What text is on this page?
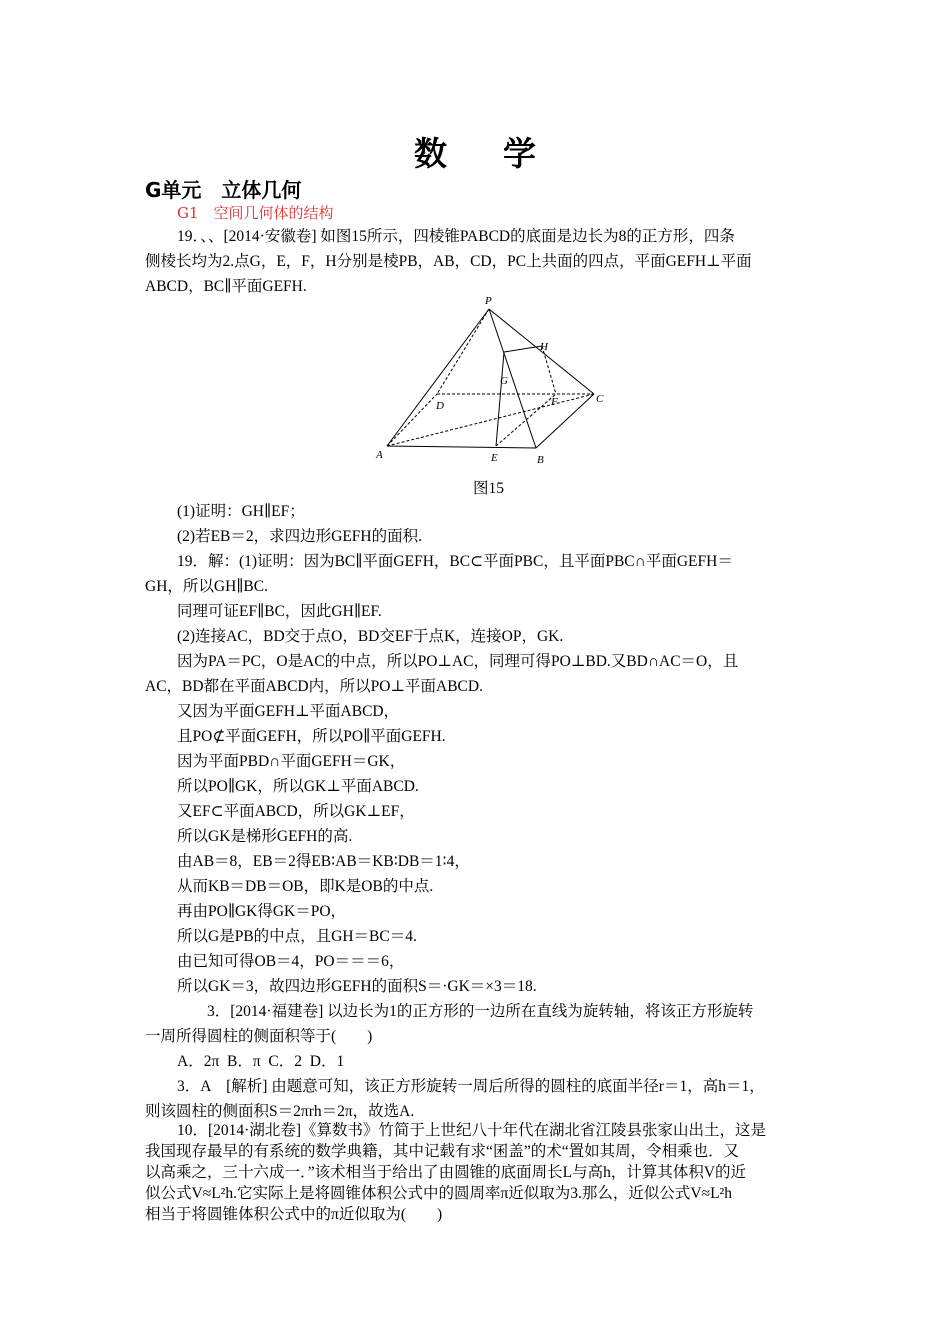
数 学
G单元　立体几何
G1　空间几何体的结构
19．、、[2014·安徽卷] 如图15所示，四棱锥PABCD的底面是边长为8的正方形，四条
侧棱长均为2.点G，E，F，H分别是棱PB，AB，CD，PC上共面的四点，平面GEFH⊥平面
ABCD，BC∥平面GEFH.
P
H
G
D	F	C
A	E	B
图15
(1)证明：GH∥EF；
(2)若EB＝2，求四边形GEFH的面积.
19．解：(1)证明：因为BC∥平面GEFH，BC⊂平面PBC，且平面PBC∩平面GEFH＝
GH，所以GH∥BC.
同理可证EF∥BC，因此GH∥EF.
(2)连接AC，BD交于点O，BD交EF于点K，连接OP，GK.
因为PA＝PC，O是AC的中点，所以PO⊥AC，同理可得PO⊥BD.又BD∩AC＝O，且
AC，BD都在平面ABCD内，所以PO⊥平面ABCD.
又因为平面GEFH⊥平面ABCD，
且PO⊄平面GEFH，所以PO∥平面GEFH.
因为平面PBD∩平面GEFH＝GK，
所以PO∥GK，所以GK⊥平面ABCD.
又EF⊂平面ABCD，所以GK⊥EF，
所以GK是梯形GEFH的高.
由AB＝8，EB＝2得EB∶AB＝KB∶DB＝1∶4，
从而KB＝DB＝OB，即K是OB的中点.
再由PO∥GK得GK＝PO，
所以G是PB的中点，且GH＝BC＝4.
由已知可得OB＝4，PO＝＝＝6，
所以GK＝3，故四边形GEFH的面积S＝·GK＝×3＝18.
3．[2014·福建卷] 以边长为1的正方形的一边所在直线为旋转轴，将该正方形旋转
一周所得圆柱的侧面积等于(　　)
A．2π  B．π  C．2  D．1
3．A　[解析] 由题意可知，该正方形旋转一周后所得的圆柱的底面半径r＝1，高h＝1，
则该圆柱的侧面积S＝2πrh＝2π，故选A.
10．[2014·湖北卷]《算数书》竹简于上世纪八十年代在湖北省江陵县张家山出土，这是
我国现存最早的有系统的数学典籍，其中记载有求“囷盖”的术“置如其周，令相乘也．又
以高乘之，三十六成一．”该术相当于给出了由圆锥的底面周长L与高h，计算其体积V的近
似公式V≈L²h.它实际上是将圆锥体积公式中的圆周率π近似取为3.那么，近似公式V≈L²h
相当于将圆锥体积公式中的π近似取为(　　)
